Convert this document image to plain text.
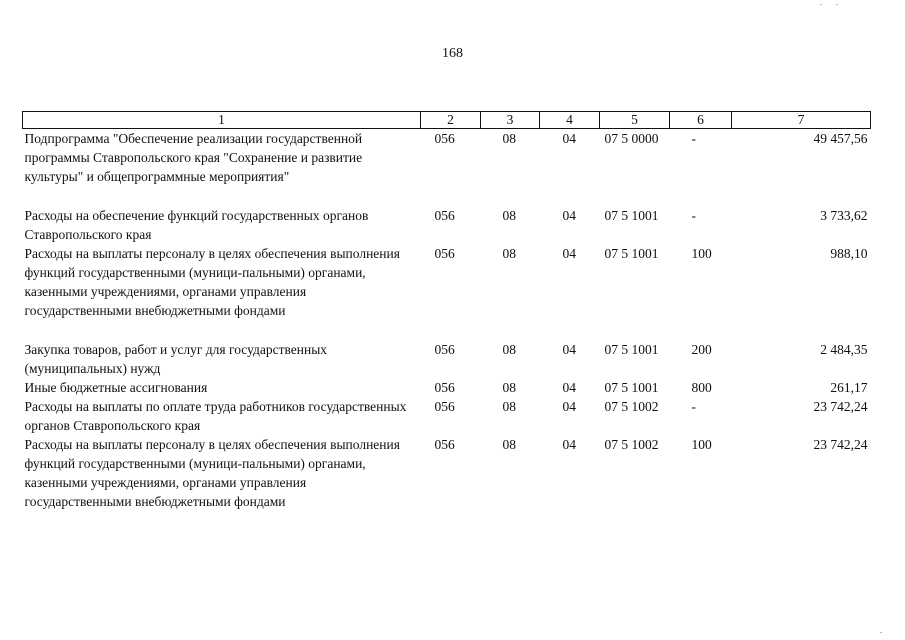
168
1	2	3	4	5	6	7
Подпрограмма "Обеспечение реализации государственной программы Ставропольского края "Сохранение и развитие культуры" и общепрограммные мероприятия"	056	08	04	07 5 0000	-	49 457,56
Расходы на обеспечение функций государственных органов Ставропольского края	056	08	04	07 5 1001	-	3 733,62
Расходы на выплаты персоналу в целях обеспечения выполнения функций государственными (муници-пальными) органами, казенными учреждениями, органами управления государственными внебюджетными фондами	056	08	04	07 5 1001	100	988,10
Закупка товаров, работ и услуг для государственных (муниципальных) нужд	056	08	04	07 5 1001	200	2 484,35
Иные бюджетные ассигнования	056	08	04	07 5 1001	800	261,17
Расходы на выплаты по оплате труда работников государственных органов Ставропольского края	056	08	04	07 5 1002	-	23 742,24
Расходы на выплаты персоналу в целях обеспечения выполнения функций государственными (муници-пальными) органами, казенными учреждениями, органами управления государственными внебюджетными фондами	056	08	04	07 5 1002	100	23 742,24
